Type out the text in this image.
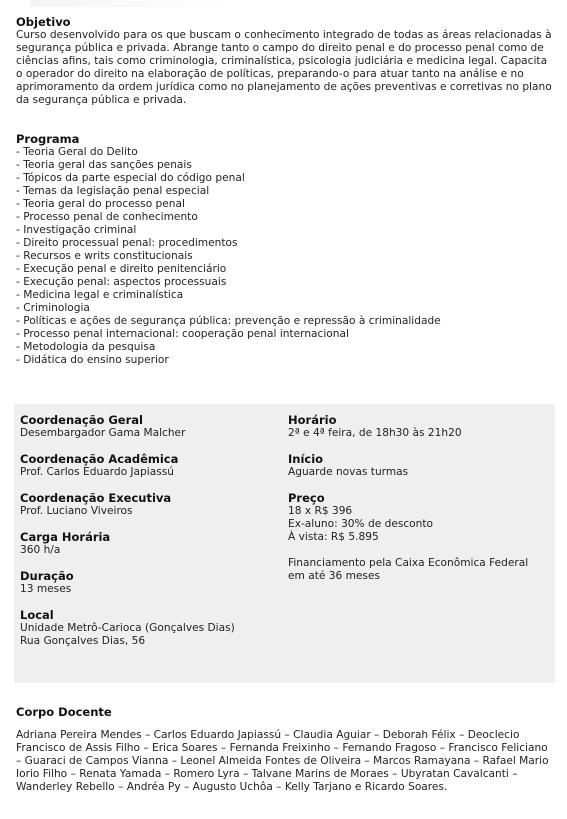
Objetivo

Curso desenvolvido para os que buscam o conhecimento integrado de todas as áreas relacionadas à segurança pública e privada. Abrange tanto o campo do direito penal e do processo penal como de ciências afins, tais como criminologia, criminalística, psicologia judiciária e medicina legal. Capacita o operador do direito na elaboração de políticas, preparando-o para atuar tanto na análise e no aprimoramento da ordem jurídica como no planejamento de ações preventivas e corretivas no plano da segurança pública e privada.

Programa
- Teoria Geral do Delito
- Teoria geral das sanções penais
- Tópicos da parte especial do código penal
- Temas da legislação penal especial
- Teoria geral do processo penal
- Processo penal de conhecimento
- Investigação criminal
- Direito processual penal: procedimentos
- Recursos e writs constitucionais
- Execução penal e direito penitenciário
- Execução penal: aspectos processuais
- Medicina legal e criminalística
- Criminologia
- Políticas e ações de segurança pública: prevenção e repressão à criminalidade
- Processo penal internacional: cooperação penal internacional
- Metodologia da pesquisa
- Didática do ensino superior
Coordenação Geral
Desembargador Gama Malcher
Coordenação Acadêmica
Prof. Carlos Eduardo Japiassú
Coordenação Executiva
Prof. Luciano Viveiros
Carga Horária
360 h/a
Duração
13 meses
Local
Unidade Metrô-Carioca (Gonçalves Dias)
Rua Gonçalves Dias, 56
Horário
2ª e 4ª feira, de 18h30 às 21h20
Início
Aguarde novas turmas
Preço
18 x R$ 396
Ex-aluno: 30% de desconto
À vista: R$ 5.895
Financiamento pela Caixa Econômica Federal
em até 36 meses
Corpo Docente

Adriana Pereira Mendes – Carlos Eduardo Japiassú – Claudia Aguiar – Deborah Félix – Deoclecio Francisco de Assis Filho – Erica Soares – Fernanda Freixinho – Fernando Fragoso – Francisco Feliciano – Guaraci de Campos Vianna – Leonel Almeida Fontes de Oliveira – Marcos Ramayana – Rafael Mario Iorio Filho – Renata Yamada – Romero Lyra – Talvane Marins de Moraes – Ubyratan Cavalcanti – Wanderley Rebello – Andréa Py – Augusto Uchôa – Kelly Tarjano e Ricardo Soares.
